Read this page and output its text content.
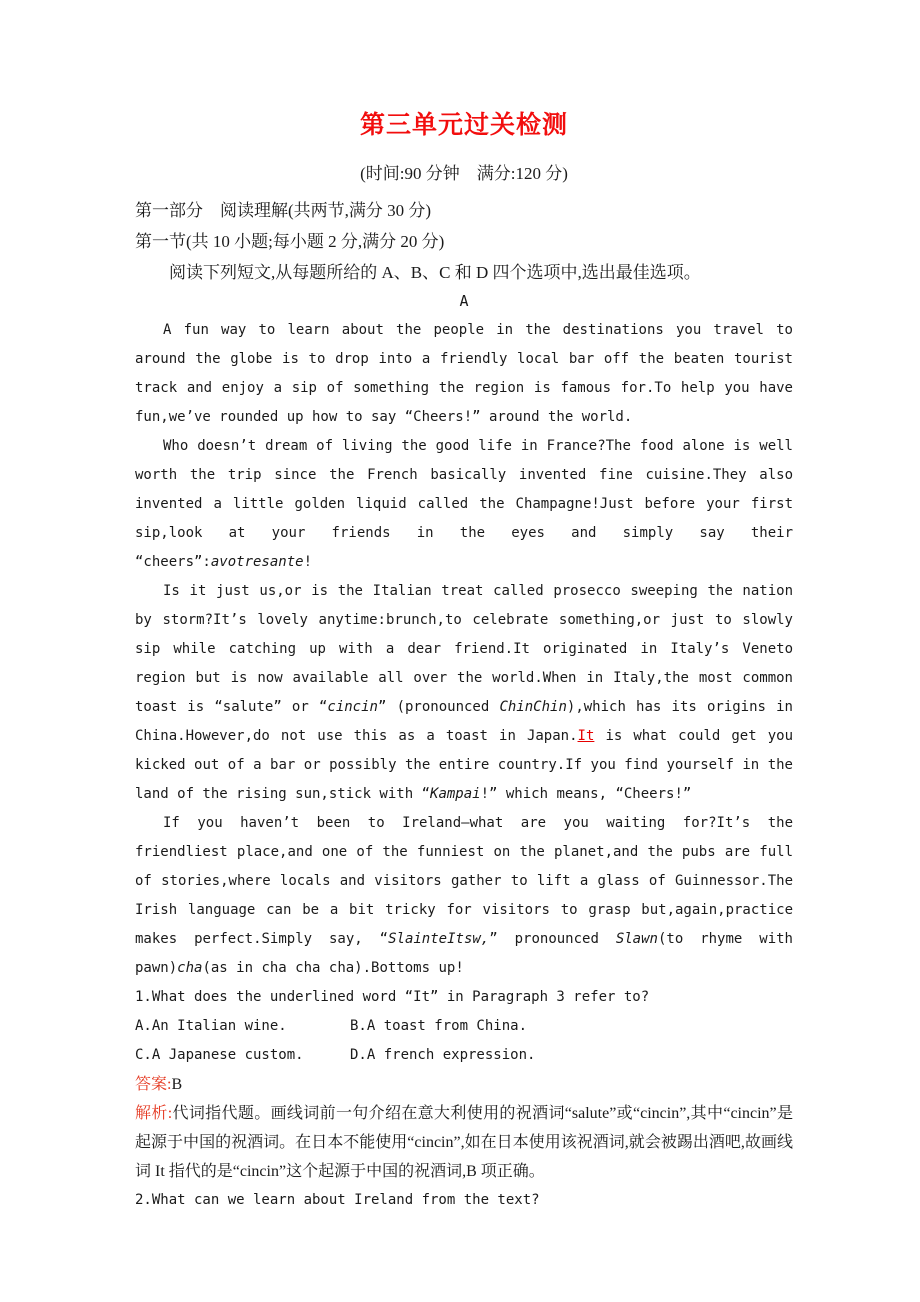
第三单元过关检测
(时间:90 分钟　满分:120 分)
第一部分　阅读理解(共两节,满分 30 分)
第一节(共 10 小题;每小题 2 分,满分 20 分)
阅读下列短文,从每题所给的 A、B、C 和 D 四个选项中,选出最佳选项。
A

A fun way to learn about the people in the destinations you travel to around the globe is to drop into a friendly local bar off the beaten tourist track and enjoy a sip of something the region is famous for.To help you have fun,we’ve rounded up how to say “Cheers!” around the world.

Who doesn’t dream of living the good life in France?The food alone is well worth the trip since the French basically invented fine cuisine.They also invented a little golden liquid called the Champagne!Just before your first sip,look at your friends in the eyes and simply say their “cheers”:avotresante!

Is it just us,or is the Italian treat called prosecco sweeping the nation by storm?It’s lovely anytime:brunch,to celebrate something,or just to slowly sip while catching up with a dear friend.It originated in Italy’s Veneto region but is now available all over the world.When in Italy,the most common toast is “salute” or “cincin” (pronounced ChinChin),which has its origins in China.However,do not use this as a toast in Japan.It is what could get you kicked out of a bar or possibly the entire country.If you find yourself in the land of the rising sun,stick with “Kampai!” which means, “Cheers!”

If you haven’t been to Ireland—what are you waiting for?It’s the friendliest place,and one of the funniest on the planet,and the pubs are full of stories,where locals and visitors gather to lift a glass of Guinnessor.The Irish language can be a bit tricky for visitors to grasp but,again,practice makes perfect.Simply say, “SlainteItsw,” pronounced Slawn(to rhyme with pawn)cha(as in cha cha cha).Bottoms up!

1.What does the underlined word “It” in Paragraph 3 refer to?
A.An Italian wine.	B.A toast from China.
C.A Japanese custom.	D.A french expression.
答案:B

解析:代词指代题。画线词前一句介绍在意大利使用的祝酒词“salute”或“cincin”,其中“cincin”是起源于中国的祝酒词。在日本不能使用“cincin”,如在日本使用该祝酒词,就会被踢出酒吧,故画线词 It 指代的是“cincin”这个起源于中国的祝酒词,B 项正确。

2.What can we learn about Ireland from the text?
